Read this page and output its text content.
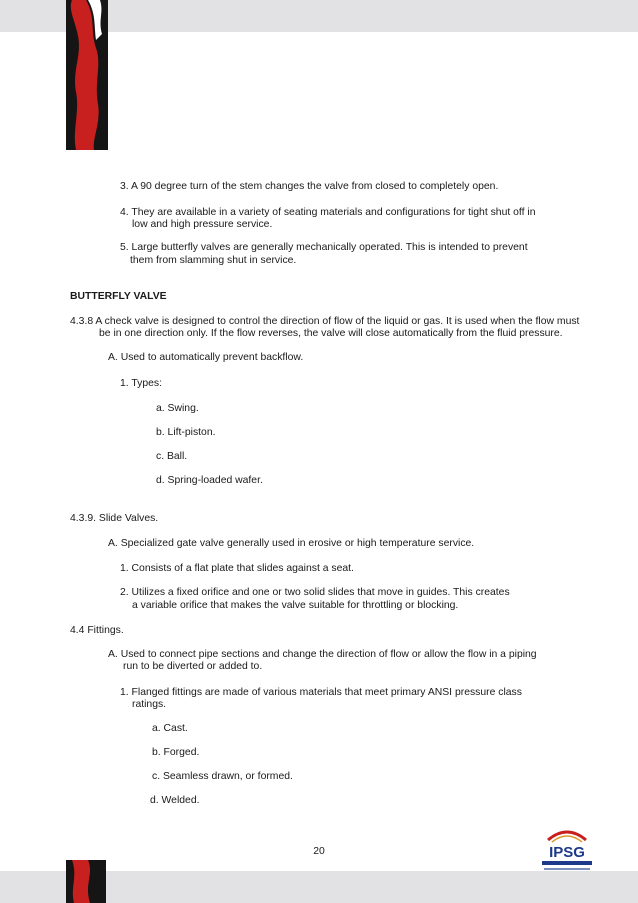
IPSG

3. A 90 degree turn of the stem changes the valve from closed to completely open.

4. They are available in a variety of seating materials and configurations for tight shut off in

low and high pressure service.

5. Large butterfly valves are generally mechanically operated. This is intended to prevent

them from slamming shut in service.

BUTTERFLY VALVE

4.3.8 A check valve is designed to control the direction of flow of the liquid or gas. It is used when the flow must

be in one direction only. If the flow reverses, the valve will close automatically from the fluid pressure.

A. Used to automatically prevent backflow.

1. Types:

a. Swing.

b. Lift-piston.

c. Ball.

d. Spring-loaded wafer.

4.3.9. Slide Valves.

A. Specialized gate valve generally used in erosive or high temperature service.

1. Consists of a flat plate that slides against a seat.

2. Utilizes a fixed orifice and one or two solid slides that move in guides. This creates

a variable orifice that makes the valve suitable for throttling or blocking.

4.4 Fittings.

A. Used to connect pipe sections and change the direction of flow or allow the flow in a piping

run to be diverted or added to.

1. Flanged fittings are made of various materials that meet primary ANSI pressure class

ratings.

a. Cast.

b. Forged.

c. Seamless drawn, or formed.

d. Welded.

20
